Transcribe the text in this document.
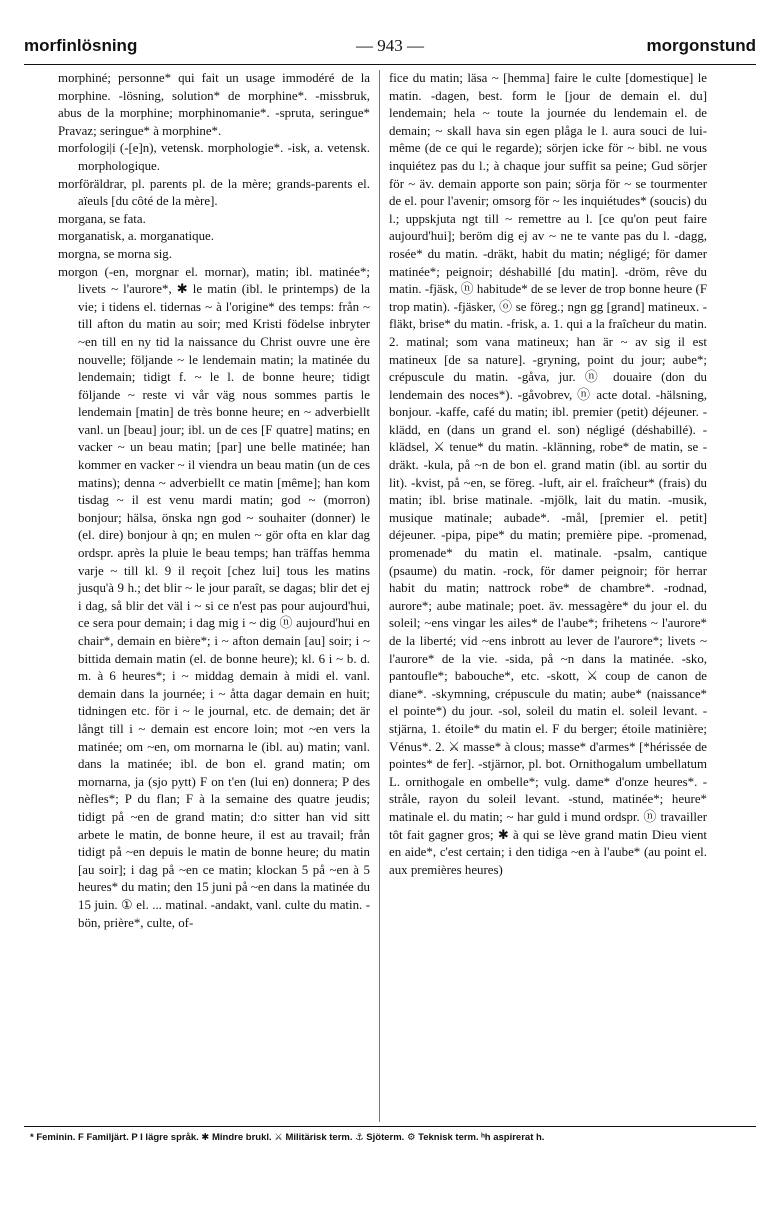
morfinlösning	— 943 —	morgonstund

morphiné; personne* qui fait un usage immodéré de la morphine. -lösning, solution* de morphine*. -missbruk, abus de la morphine; morphinomanie*. -spruta, seringue* Pravaz; seringue* à morphine*.

morfologi|i (-[e]n), vetensk. morphologie*. -isk, a. vetensk. morphologique.

morföräldrar, pl. parents pl. de la mère; grands-parents el. aïeuls [du côté de la mère].

morgana, se fata.

morganatisk, a. morganatique.

morgna, se morna sig.

morgon (-en, morgnar el. mornar), matin; ibl. matinée*; livets ~ l'aurore*, ✱ le matin (ibl. le printemps) de la vie; i tidens el. tidernas ~ à l'origine* des temps: från ~ till afton du matin au soir; med Kristi födelse inbryter ~en till en ny tid la naissance du Christ ouvre une ère nouvelle; följande ~ le lendemain matin; la matinée du lendemain; tidigt f. ~ le l. de bonne heure; tidigt följande ~ reste vi vår väg nous sommes partis le lendemain [matin] de très bonne heure; en ~ adverbiellt vanl. un [beau] jour; ibl. un de ces [F quatre] matins; en vacker ~ un beau matin; [par] une belle matinée; han kommer en vacker ~ il viendra un beau matin (un de ces matins); denna ~ adverbiellt ce matin [même]; han kom tisdag ~ il est venu mardi matin; god ~ (morron) bonjour; hälsa, önska ngn god ~ souhaiter (donner) le (el. dire) bonjour à qn; en mulen ~ gör ofta en klar dag ordspr. après la pluie le beau temps; han träffas hemma varje ~ till kl. 9 il reçoit [chez lui] tous les matins jusqu'à 9 h.; det blir ~ le jour paraît, se dagas; blir det ej i dag, så blir det väl i ~ si ce n'est pas pour aujourd'hui, ce sera pour demain; i dag mig i ~ dig ⓝ aujourd'hui en chair*, demain en bière*; i ~ afton demain [au] soir; i ~ bittida demain matin (el. de bonne heure); kl. 6 i ~ b. d. m. à 6 heures*; i ~ middag demain à midi el. vanl. demain dans la journée; i ~ åtta dagar demain en huit; tidningen etc. för i ~ le journal, etc. de demain; det är långt till i ~ demain est encore loin; mot ~en vers la matinée; om ~en, om mornarna le (ibl. au) matin; vanl. dans la matinée; ibl. de bon el. grand matin; om mornarna, ja (sjo pytt) F on t'en (lui en) donnera; P des nèfles*; P du flan; F à la semaine des quatre jeudis; tidigt på ~en de grand matin; d:o sitter han vid sitt arbete le matin, de bonne heure, il est au travail; från tidigt på ~en depuis le matin de bonne heure; du matin [au soir]; i dag på ~en ce matin; klockan 5 på ~en à 5 heures* du matin; den 15 juni på ~en dans la matinée du 15 juin. ① el. ... matinal. -andakt, vanl. culte du matin. -bön, prière*, culte, of-

fice du matin; läsa ~ [hemma] faire le culte [domestique] le matin. -dagen, best. form le [jour de demain el. du] lendemain; hela ~ toute la journée du lendemain el. de demain; ~ skall hava sin egen plåga le l. aura souci de lui-même (de ce qui le regarde); sörjen icke för ~ bibl. ne vous inquiétez pas du l.; à chaque jour suffit sa peine; Gud sörjer för ~ äv. demain apporte son pain; sörja för ~ se tourmenter de el. pour l'avenir; omsorg för ~ les inquiétudes* (soucis) du l.; uppskjuta ngt till ~ remettre au l. [ce qu'on peut faire aujourd'hui]; beröm dig ej av ~ ne te vante pas du l. -dagg, rosée* du matin. -dräkt, habit du matin; négligé; för damer matinée*; peignoir; déshabillé [du matin]. -dröm, rêve du matin. -fjäsk, ⓝ habitude* de se lever de trop bonne heure (F trop matin). -fjäsker, ⓞ se föreg.; ngn gg [grand] matineux. -fläkt, brise* du matin. -frisk, a. 1. qui a la fraîcheur du matin. 2. matinal; som vana matineux; han är ~ av sig il est matineux [de sa nature]. -gryning, point du jour; aube*; crépuscule du matin. -gåva, jur. ⓝ douaire (don du lendemain des noces*). -gåvobrev, ⓝ acte dotal. -hälsning, bonjour. -kaffe, café du matin; ibl. premier (petit) déjeuner. -klädd, en (dans un grand el. son) négligé (déshabillé). -klädsel, ⚔ tenue* du matin. -klänning, robe* de matin, se -dräkt. -kula, på ~n de bon el. grand matin (ibl. au sortir du lit). -kvist, på ~en, se föreg. -luft, air el. fraîcheur* (frais) du matin; ibl. brise matinale. -mjölk, lait du matin. -musik, musique matinale; aubade*. -mål, [premier el. petit] déjeuner. -pipa, pipe* du matin; première pipe. -promenad, promenade* du matin el. matinale. -psalm, cantique (psaume) du matin. -rock, för damer peignoir; för herrar habit du matin; nattrock robe* de chambre*. -rodnad, aurore*; aube matinale; poet. äv. messagère* du jour el. du soleil; ~ens vingar les ailes* de l'aube*; frihetens ~ l'aurore* de la liberté; vid ~ens inbrott au lever de l'aurore*; livets ~ l'aurore* de la vie. -sida, på ~n dans la matinée. -sko, pantoufle*; babouche*, etc. -skott, ⚔ coup de canon de diane*. -skymning, crépuscule du matin; aube* (naissance* el pointe*) du jour. -sol, soleil du matin el. soleil levant. -stjärna, 1. étoile* du matin el. F du berger; étoile matinière; Vénus*. 2. ⚔ masse* à clous; masse* d'armes* [*hérissée de pointes* de fer]. -stjärnor, pl. bot. Ornithogalum umbellatum L. ornithogale en ombelle*; vulg. dame* d'onze heures*. -stråle, rayon du soleil levant. -stund, matinée*; heure* matinale el. du matin; ~ har guld i mund ordspr. ⓝ travailler tôt fait gagner gros; ✱ à qui se lève grand matin Dieu vient en aide*, c'est certain; i den tidiga ~en à l'aube* (au point el. aux premières heures)

* Feminin. F Familjärt. P I lägre språk. ✱ Mindre brukl. ⚔ Militärisk term. ⚓ Sjöterm. ⚙ Teknisk term. ʰh aspirerat h.
